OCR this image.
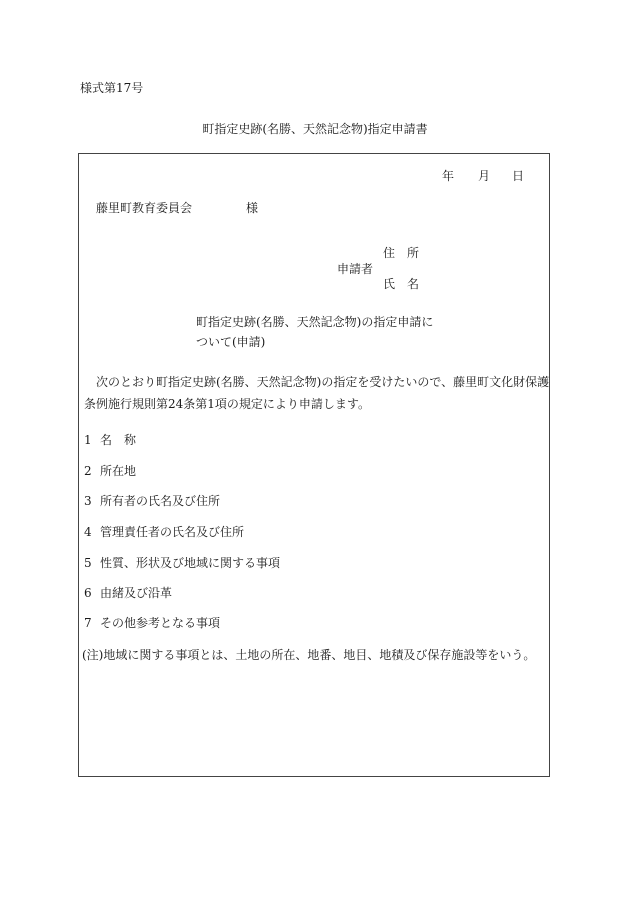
様式第17号
町指定史跡(名勝、天然記念物)指定申請書
年 月 日
藤里町教育委員会	様
申請者
住所
氏名
町指定史跡(名勝、天然記念物)の指定申請に
ついて(申請)
次のとおり町指定史跡(名勝、天然記念物)の指定を受けたいので、藤里町文化財保護
条例施行規則第24条第1項の規定により申請します。
1 名　称
2 所在地
3 所有者の氏名及び住所
4 管理責任者の氏名及び住所
5 性質、形状及び地域に関する事項
6 由緒及び沿革
7 その他参考となる事項
(注)地域に関する事項とは、土地の所在、地番、地目、地積及び保存施設等をいう。
